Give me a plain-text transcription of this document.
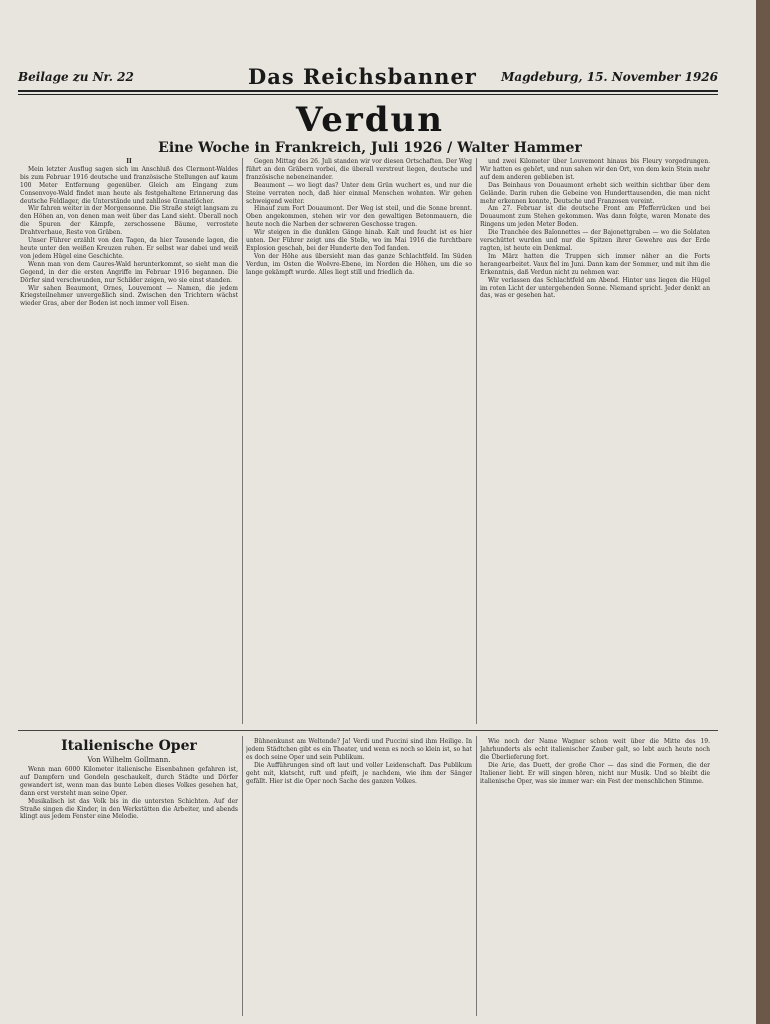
Beilage zu Nr. 22	Das Reichsbanner Magdeburg, 15. November 1926
Verdun
Eine Woche in Frankreich, Juli 1926 / Walter Hammer

II

Mein letzter Ausflug sagen sich im Anschluß des Clermont-Waldes bis zum Februar 1916 deutsche und französische Stellungen auf kaum 100 Meter Entfernung gegenüber. Gleich am Eingang zum Consenvoye-Wald findet man heute als festgehaltene Erinnerung das deutsche Feldlager, die Unterstände und zahllose Granatlöcher.

Wir fahren weiter in der Morgensonne. Die Straße steigt langsam zu den Höhen an, von denen man weit über das Land sieht. Überall noch die Spuren der Kämpfe, zerschossene Bäume, verrostete Drahtverhaue, Reste von Gräben.

Unser Führer erzählt von den Tagen, da hier Tausende lagen, die heute unter den weißen Kreuzen ruhen. Er selbst war dabei und weiß von jedem Hügel eine Geschichte.

Wenn man von dem Caures-Wald herunterkommt, so sieht man die Gegend, in der die ersten Angriffe im Februar 1916 begannen. Die Dörfer sind verschwunden, nur Schilder zeigen, wo sie einst standen.

Wir sahen Beaumont, Ornes, Louvemont — Namen, die jedem Kriegsteilnehmer unvergeßlich sind. Zwischen den Trichtern wächst wieder Gras, aber der Boden ist noch immer voll Eisen.

Gegen Mittag des 26. Juli standen wir vor diesen Ortschaften. Der Weg führt an den Gräbern vorbei, die überall verstreut liegen, deutsche und französische nebeneinander.

Beaumont — wo liegt das? Unter dem Grün wuchert es, und nur die Steine verraten noch, daß hier einmal Menschen wohnten. Wir gehen schweigend weiter.

Hinauf zum Fort Douaumont. Der Weg ist steil, und die Sonne brennt. Oben angekommen, stehen wir vor den gewaltigen Betonmauern, die heute noch die Narben der schweren Geschosse tragen.

Wir steigen in die dunklen Gänge hinab. Kalt und feucht ist es hier unten. Der Führer zeigt uns die Stelle, wo im Mai 1916 die furchtbare Explosion geschah, bei der Hunderte den Tod fanden.

Von der Höhe aus übersieht man das ganze Schlachtfeld. Im Süden Verdun, im Osten die Woëvre-Ebene, im Norden die Höhen, um die so lange gekämpft wurde. Alles liegt still und friedlich da.

und zwei Kilometer über Louvemont hinaus bis Fleury vorgedrungen. Wir hatten es gehört, und nun sahen wir den Ort, von dem kein Stein mehr auf dem anderen geblieben ist.

Das Beinhaus von Douaumont erhebt sich weithin sichtbar über dem Gelände. Darin ruhen die Gebeine von Hunderttausenden, die man nicht mehr erkennen konnte, Deutsche und Franzosen vereint.

Am 27. Februar ist die deutsche Front am Pfefferrücken und bei Douaumont zum Stehen gekommen. Was dann folgte, waren Monate des Ringens um jeden Meter Boden.

Die Tranchée des Baïonnettes — der Bajonettgraben — wo die Soldaten verschüttet wurden und nur die Spitzen ihrer Gewehre aus der Erde ragten, ist heute ein Denkmal.

Im März hatten die Truppen sich immer näher an die Forts herangearbeitet. Vaux fiel im Juni. Dann kam der Sommer, und mit ihm die Erkenntnis, daß Verdun nicht zu nehmen war.

Wir verlassen das Schlachtfeld am Abend. Hinter uns liegen die Hügel im roten Licht der untergehenden Sonne. Niemand spricht. Jeder denkt an das, was er gesehen hat.

Italienische Oper
Von Wilhelm Gollmann.

Wenn man 6000 Kilometer italienische Eisenbahnen gefahren ist, auf Dampfern und Gondeln geschaukelt, durch Städte und Dörfer gewandert ist, wenn man das bunte Leben dieses Volkes gesehen hat, dann erst versteht man seine Oper.

Musikalisch ist das Volk bis in die untersten Schichten. Auf der Straße singen die Kinder, in den Werkstätten die Arbeiter, und abends klingt aus jedem Fenster eine Melodie.

Bühnenkunst am Weltende? Ja! Verdi und Puccini sind ihm Heilige. In jedem Städtchen gibt es ein Theater, und wenn es noch so klein ist, so hat es doch seine Oper und sein Publikum.

Die Aufführungen sind oft laut und voller Leidenschaft. Das Publikum geht mit, klatscht, ruft und pfeift, je nachdem, wie ihm der Sänger gefällt. Hier ist die Oper noch Sache des ganzen Volkes.

Wie noch der Name Wagner schon weit über die Mitte des 19. Jahrhunderts als echt italienischer Zauber galt, so lebt auch heute noch die Überlieferung fort.

Die Arie, das Duett, der große Chor — das sind die Formen, die der Italiener liebt. Er will singen hören, nicht nur Musik. Und so bleibt die italienische Oper, was sie immer war: ein Fest der menschlichen Stimme.
